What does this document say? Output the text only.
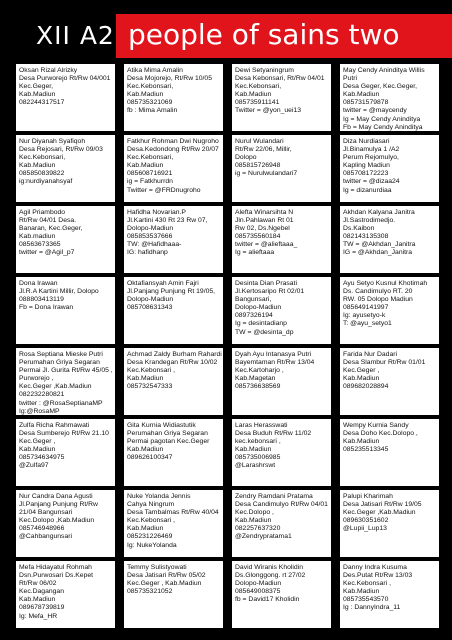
XII A2 people of sains two
Oksan Rizal Alrizky
Desa Purworejo Rt/Rw 04/001 Kec.Geger,
Kab.Madiun
082244317517
Atika Mima Amalin
Desa Mojorejo, Rt/Rw 10/05 Kec.Kebonsari,
Kab.Madiun
085735321069
fb : Mima Amalin
Dewi Setyaningrum
Desa Kebonsari, Rt/Rw 04/01 Kec.Kebonsari,
Kab.Madiun
085735911141
Twitter = @yon_uei13
May Cendy Aninditya Willis Putri
Desa Geger, Kec.Geger, Kab.Madiun
085731579878
twitter = @maycendy
Ig = May Cendy Aninditya
Fb = May Cendy Aninditya
Nur Diyanah Syafiqoh
Desa Rejosari, Rt/Rw 09/03 Kec.Kebonsari,
Kab.Madiun
085850839822
ig:nurdiyanahsyaf
Fatkhur Rohman Dwi Nugroho
Desa.Kedondong Rt/Rw 20/07 Kec.Kebonsari,
Kab.Madiun
085608716921
ig = Fatkhurrdn
Twitter = @FRDnugroho
Nurul Wulandari
Rt/Rw 22/06, Millir,
Dolopo
085815726948
ig = Nurulwulandari7
Diza Nurdiasari
Jl.Binamulya 1 /A2
Perum Rejomulyo,
Kapling Madiun
085708172223
twitter = @dizaa24
Ig = dizanurdiaa
Agil Priambodo
Rt/Rw 04/01 Desa.
Banaran, Kec.Geger,
Kab.madiun
08563673365
twitter = @Agil_p7
Hafidha Novarian.P
Jl.Kartini 430 Rt 23 Rw 07,
Dolopo-Madiun
085853537666
TW: @Hafidhaaa-
IG: hafidhanp
Alefta Winarsihta N
Jln.Pahlawan Rt 01
Rw 02, Ds.Ngebel
085735560184
twitter = @alieftaaa_
Ig = alieftaaa
Akhdan Kalyana Janitra
Jl.Sastrodimedjo.
Ds.Kaibon
082143135308
TW = @Akhdan_Janitra
IG = @Akhdan_Janitra
Dona Irawan
Jl.R.A Kartini Millir, Dolopo
088803413119
Fb = Dona Irawan
Oktafiansyah Amin Fajri
Jl.Panjang Punjung Rt 19/05, Dolopo-Madiun
085708631343
Desinta Dian Prasati
Jl.Kertosaripo Rt 02/01
Bangunsari,
Dolopo-Madiun
0897326194
Ig = desintadianp
TW = @desinta_dp
Ayu Setyo Kusnul Khotimah
Ds. Candimulyo RT. 20
RW. 05 Dolopo Madiun
085649141997
Ig: ayusetyo-k
T: @ayu_setyo1
Rosa Septiana Mieske Putri
Perumahan Griya Segaran
Permai Jl. Gurita Rt/Rw 45/05 , Purworejo ,
Kec.Geger ,Kab.Madiun
082232280821
twitter : @RosaSeptianaMP
Ig:@RosaMP
Achmad Zaldy Burham Rahardi
Desa Krandegan Rt/Rw 10/02 Kec.Kebonsari ,
Kab.Madiun
085732547333
Dyah Ayu Intanasya Putri
Bayemtaman Rt/Rw 13/04 Kec.Kartoharjo ,
Kab.Magetan
085736638569
Farida Nur Dadari
Desa Slambur Rt/Rw 01/01 Kec.Geger ,
Kab.Madiun
089682028894
Zulfa Richa Rahmawati
Desa Sumberejo Rt/Rw 21.10 Kec.Geger ,
Kab.Madiun
085734634975
@Zulfa97
Gita Kurnia Widiastutik
Perumahan Griya Segaran
Permai pagotan Kec.Geger
Kab.Madiun
089626100347
Laras Herasswati
Desa Buduh Rt/Rw 11/02
kec.kebonsari ,
Kab.Madiun
085735006985
@Larashrswt
Wempy Kurnia Sandy
Desa Doho Kec.Dolopo ,
Kab.Madiun
085235513345
Nur Candra Dana Agusti
Jl.Panjang Punjung Rt/Rw 21/04 Bangunsari
Kec.Dolopo ,Kab.Madiun
085746948966
@Cahbangunsari
Nuke Yolanda Jennis
Cahya Ningrum
Desa Tambalmas Rt/Rw 40/04 Kec.Kebonsari ,
Kab.Madiun
085231226469
Ig: NukeYolanda
Zendry Ramdani Pratama
Desa Candimulyo Rt/Rw 04/01 Kec.Dolopo ,
Kab.Madiun
082257637320
@Zendrypratama1
Palupi Kharimah
Desa Jatisari Rt/Rw 19/05
Kec.Geger ,Kab.Madiun
089630351602
@Lupii_Lup13
Mefa Hidayatul Rohmah
Dsn.Purwosari Ds.Kepet
Rt/Rw 06/02
Kec.Dagangan
Kab.Madiun
089678739819
Ig: Mefa_HR
Temmy Sulistyowati
Desa Jatisari Rt/Rw 05/02
Kec.Geger , Kab.Madiun
085735321052
David Wiranis Kholidin
Ds.Glonggong. rt 27/02
Dolopo-Madiun
085649008375
fb = David17 Kholidin
Danny Indra Kusuma
Des.Putat Rt/Rw 13/03
Kec.Kebonsari ,
Kab.Madiun
085735543570
Ig : DannyIndra_11
